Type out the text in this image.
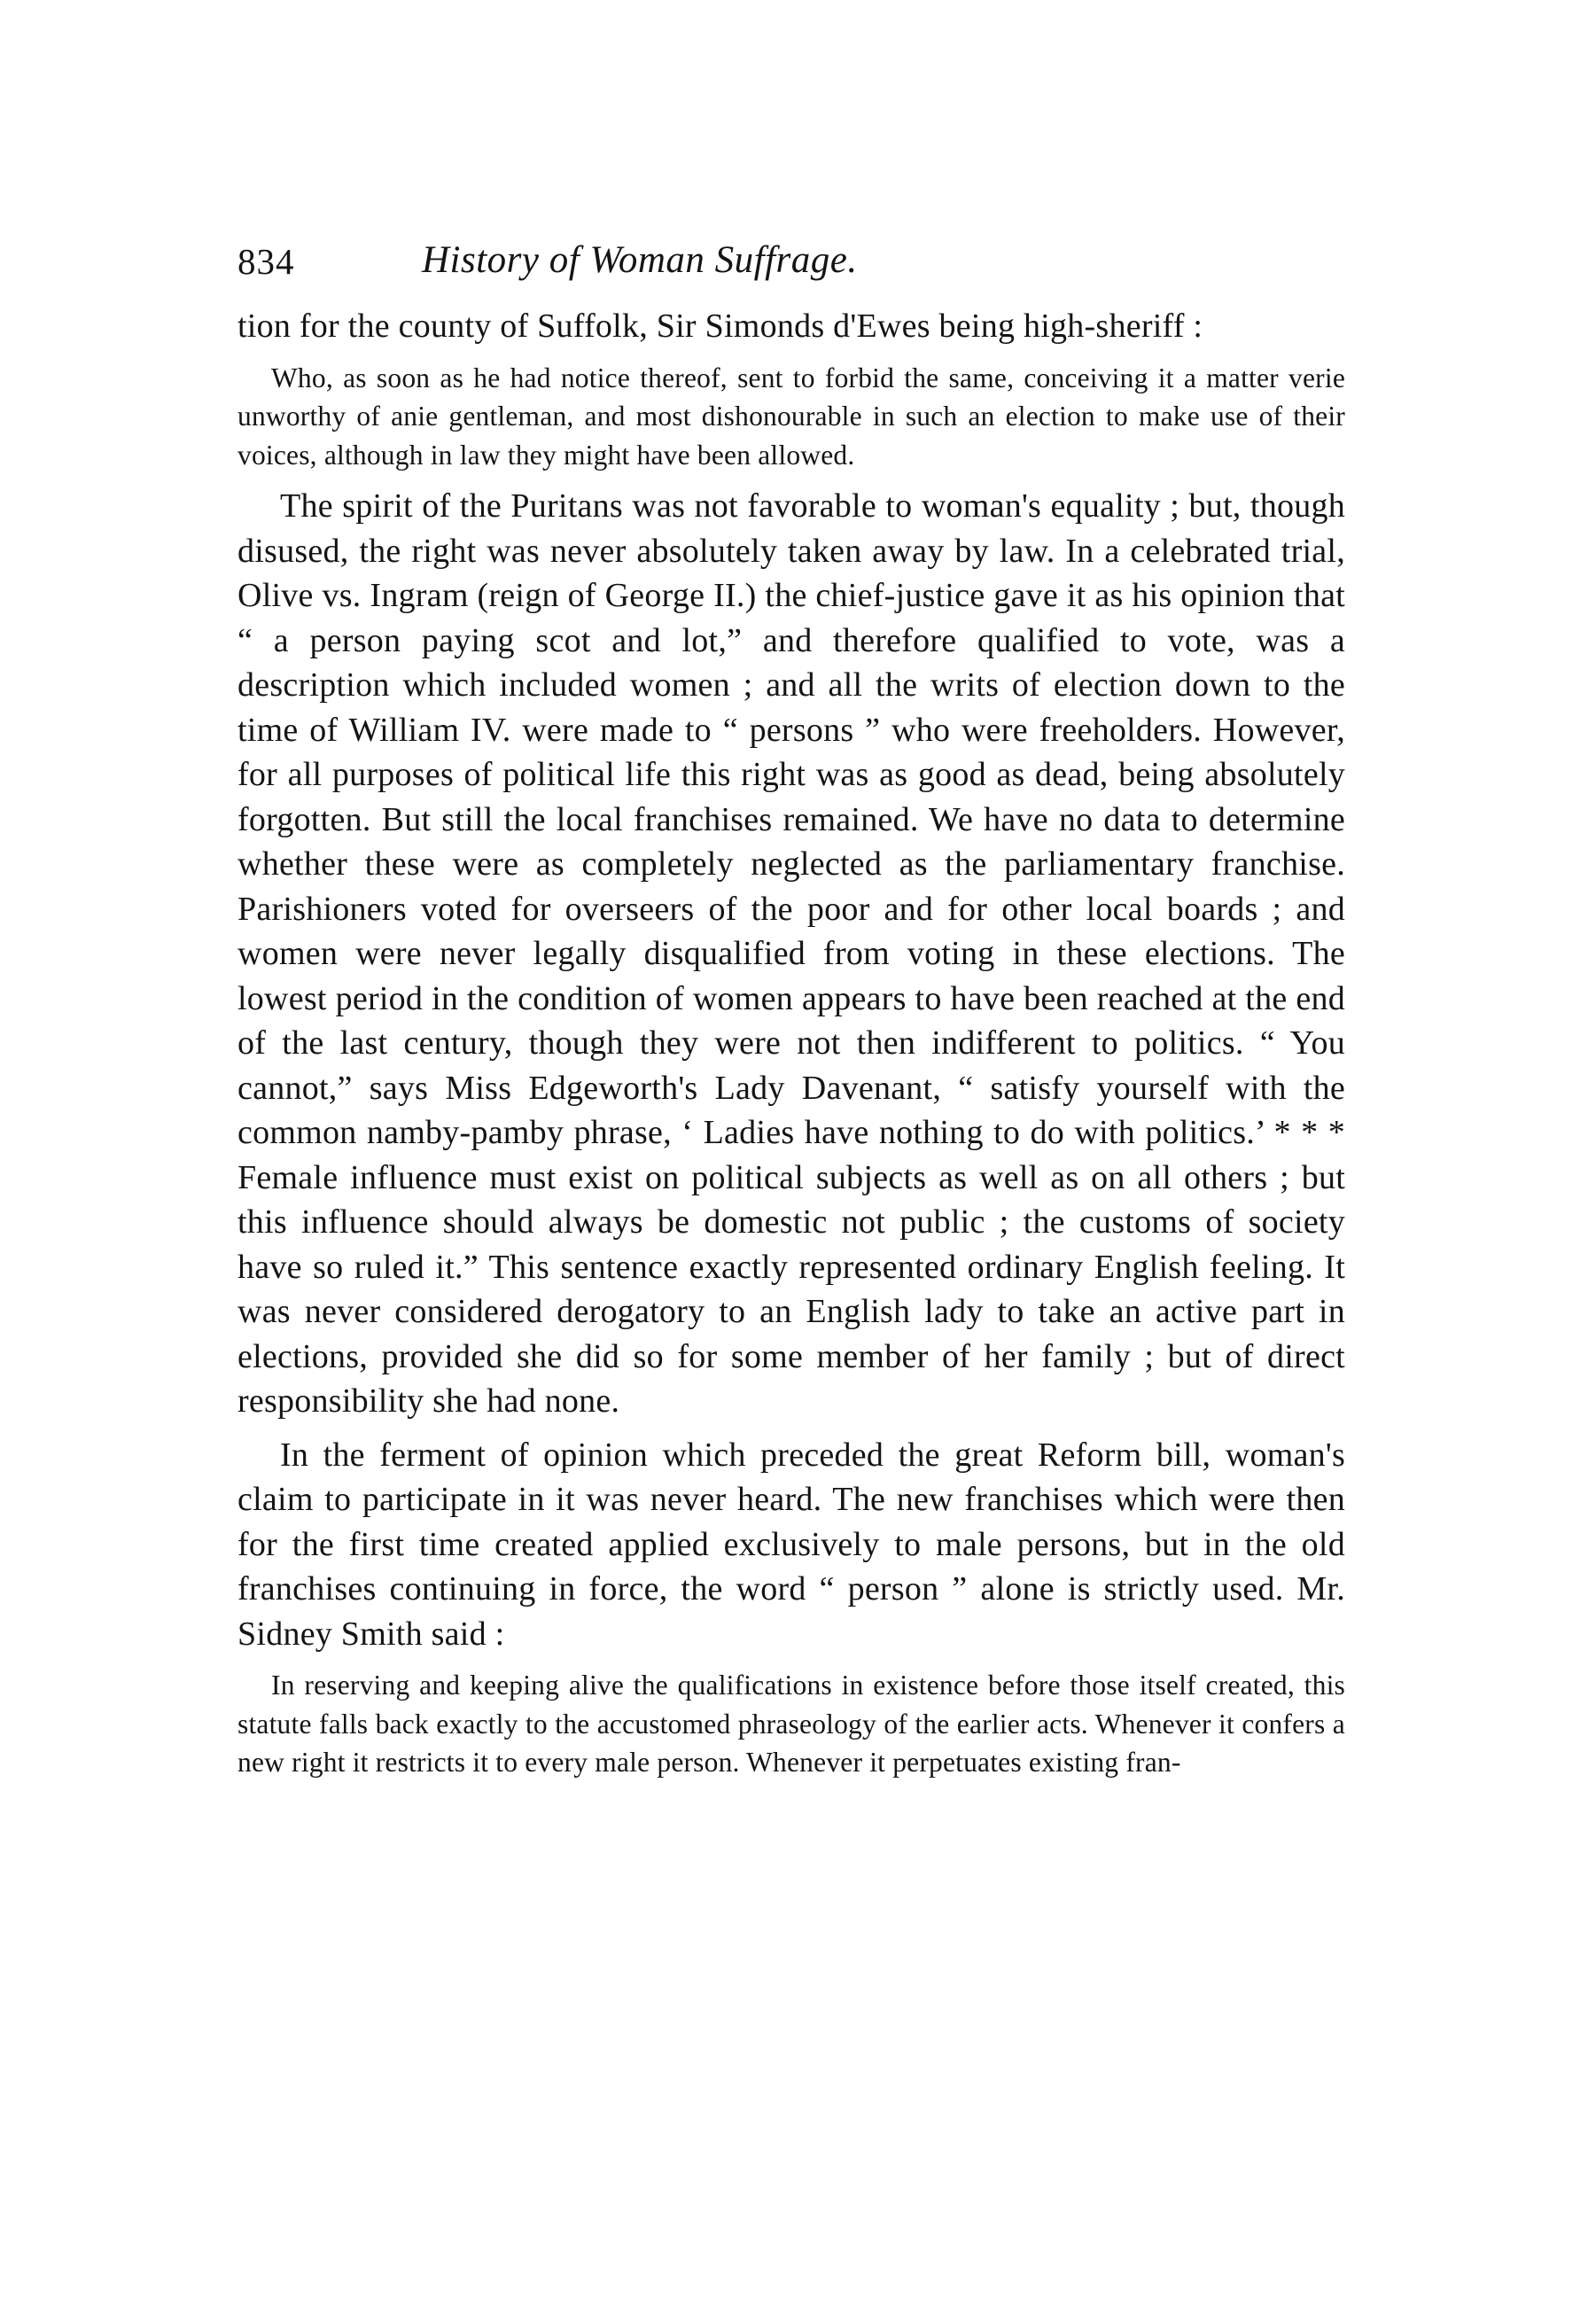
834	History of Woman Suffrage.

tion for the county of Suffolk, Sir Simonds d'Ewes being high-sheriff :

Who, as soon as he had notice thereof, sent to forbid the same, conceiving it a matter verie unworthy of anie gentleman, and most dishonourable in such an election to make use of their voices, although in law they might have been allowed.

The spirit of the Puritans was not favorable to woman's equality ; but, though disused, the right was never absolutely taken away by law. In a celebrated trial, Olive vs. Ingram (reign of George II.) the chief-justice gave it as his opinion that “ a person paying scot and lot,” and therefore qualified to vote, was a description which included women ; and all the writs of election down to the time of William IV. were made to “ persons ” who were freeholders. However, for all purposes of political life this right was as good as dead, being absolutely forgotten. But still the local franchises remained. We have no data to determine whether these were as completely neglected as the parliamentary franchise. Parishioners voted for overseers of the poor and for other local boards ; and women were never legally disqualified from voting in these elections. The lowest period in the condition of women appears to have been reached at the end of the last century, though they were not then indifferent to politics. “ You cannot,” says Miss Edgeworth's Lady Davenant, “ satisfy yourself with the common namby-pamby phrase, ‘ Ladies have nothing to do with politics.’ * * * Female influence must exist on political subjects as well as on all others ; but this influence should always be domestic not public ; the customs of society have so ruled it.” This sentence exactly represented ordinary English feeling. It was never considered derogatory to an English lady to take an active part in elections, provided she did so for some member of her family ; but of direct responsibility she had none.

In the ferment of opinion which preceded the great Reform bill, woman's claim to participate in it was never heard. The new franchises which were then for the first time created applied exclusively to male persons, but in the old franchises continuing in force, the word “ person ” alone is strictly used. Mr. Sidney Smith said :

In reserving and keeping alive the qualifications in existence before those itself created, this statute falls back exactly to the accustomed phraseology of the earlier acts. Whenever it confers a new right it restricts it to every male person. Whenever it perpetuates existing fran-
